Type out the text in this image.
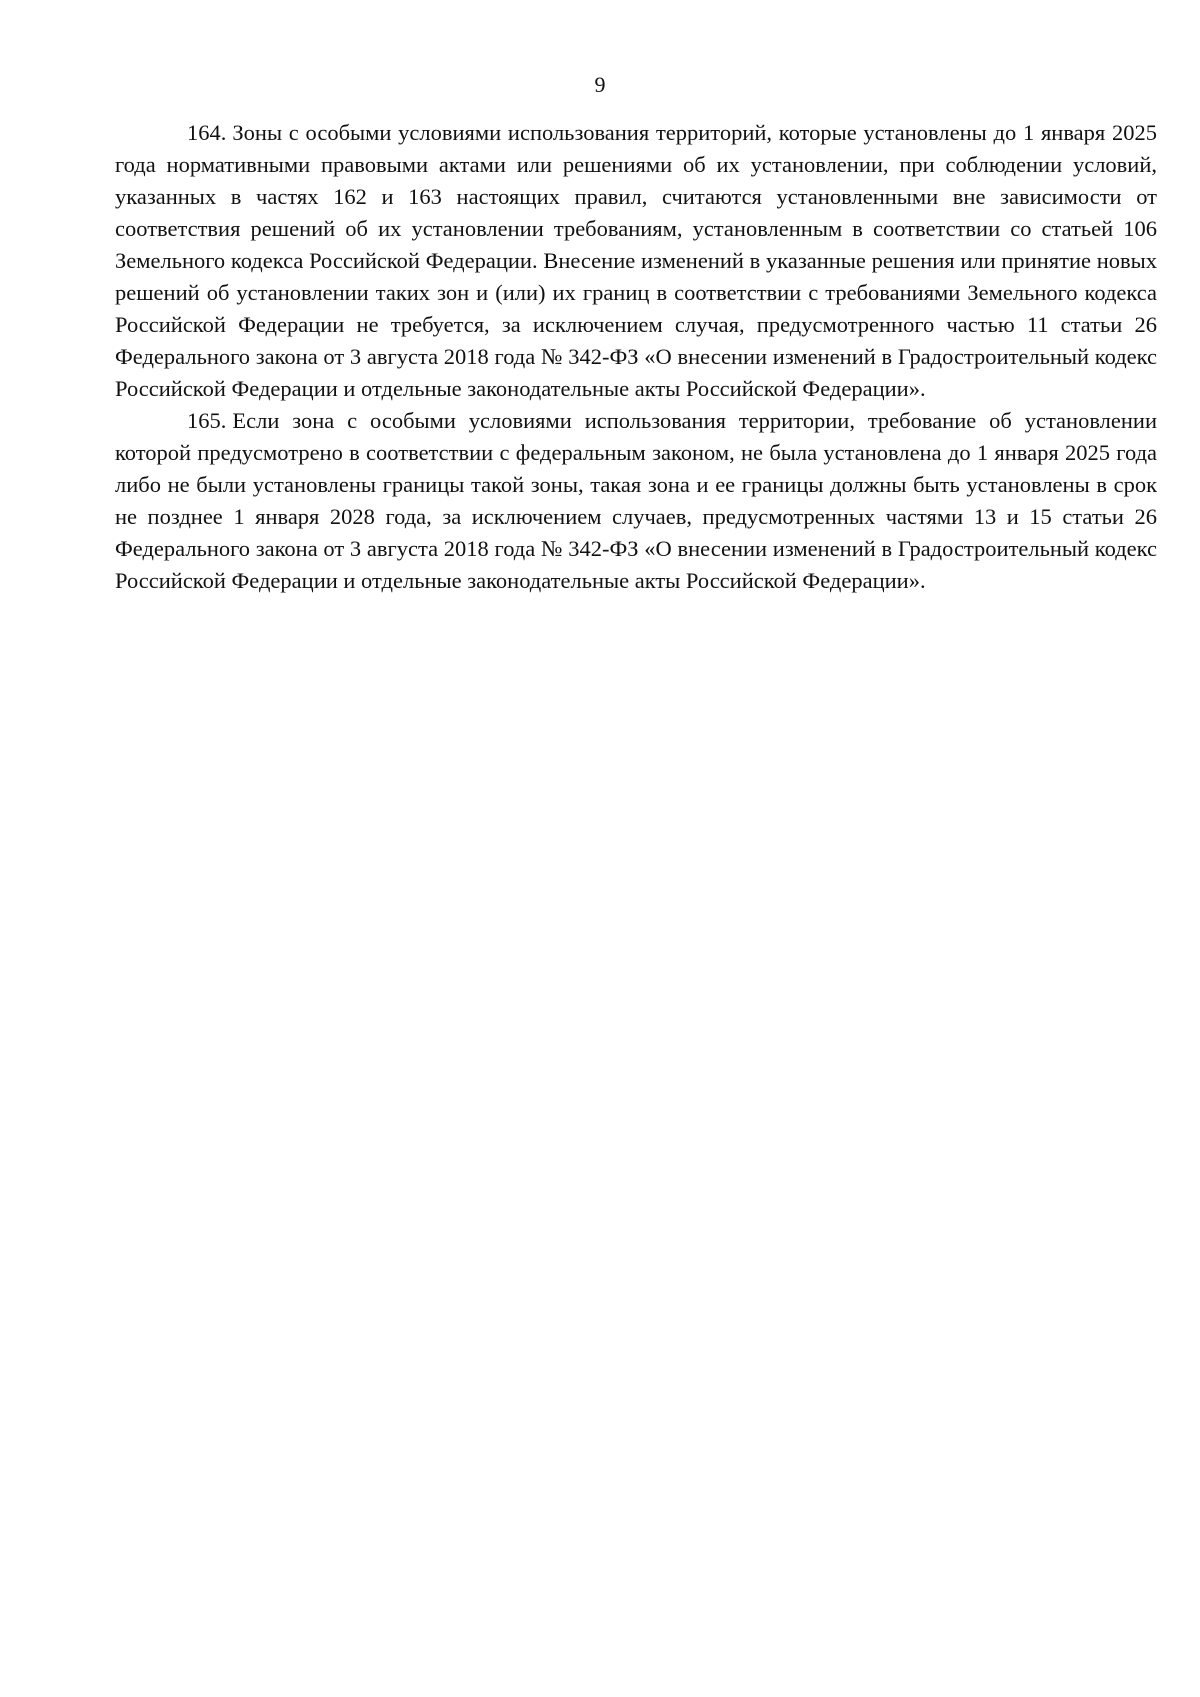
9

164. Зоны с особыми условиями использования территорий, которые установлены до 1 января 2025 года нормативными правовыми актами или решениями об их установлении, при соблюдении условий, указанных в частях 162 и 163 настоящих правил, считаются установленными вне зависимости от соответствия решений об их установлении требованиям, установленным в соответствии со статьей 106 Земельного кодекса Российской Федерации. Внесение изменений в указанные решения или принятие новых решений об установлении таких зон и (или) их границ в соответствии с требованиями Земельного кодекса Российской Федерации не требуется, за исключением случая, предусмотренного частью 11 статьи 26 Федерального закона от 3 августа 2018 года № 342-ФЗ «О внесении изменений в Градостроительный кодекс Российской Федерации и отдельные законодательные акты Российской Федерации».

165. Если зона с особыми условиями использования территории, требование об установлении которой предусмотрено в соответствии с федеральным законом, не была установлена до 1 января 2025 года либо не были установлены границы такой зоны, такая зона и ее границы должны быть установлены в срок не позднее 1 января 2028 года, за исключением случаев, предусмотренных частями 13 и 15 статьи 26 Федерального закона от 3 августа 2018 года № 342-ФЗ «О внесении изменений в Градостроительный кодекс Российской Федерации и отдельные законодательные акты Российской Федерации».
